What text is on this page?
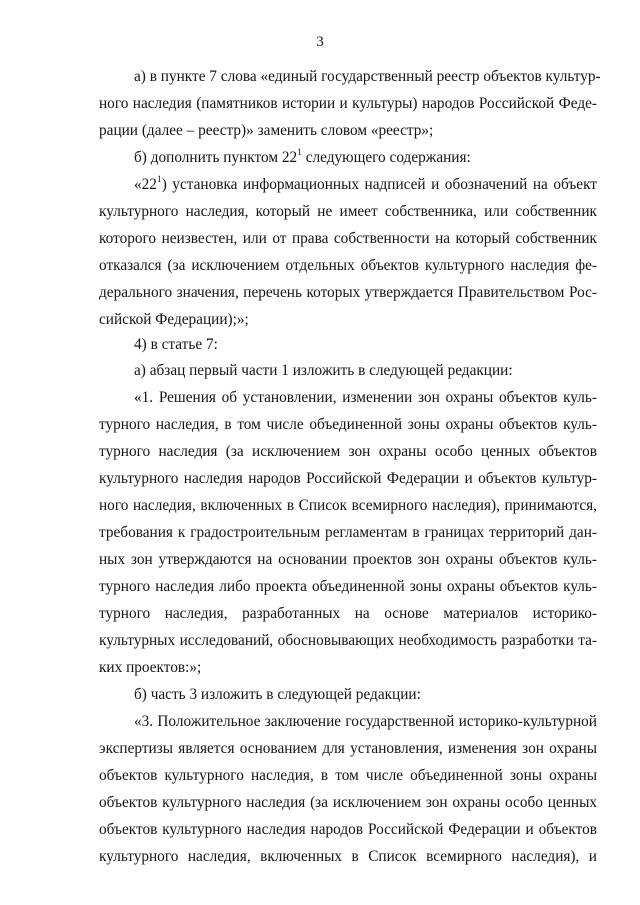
3
а) в пункте 7 слова «единый государственный реестр объектов культур-
ного наследия (памятников истории и культуры) народов Российской Феде-
рации (далее – реестр)» заменить словом «реестр»;
б) дополнить пунктом $22^1$ следующего содержания:
«$22^1$) установка информационных надписей и обозначений на объект
культурного наследия, который не имеет собственника, или собственник
которого неизвестен, или от права собственности на который собственник
отказался (за исключением отдельных объектов культурного наследия фе-
дерального значения, перечень которых утверждается Правительством Рос-
сийской Федерации);»;
4) в статье 7:
а) абзац первый части 1 изложить в следующей редакции:
«1. Решения об установлении, изменении зон охраны объектов куль-
турного наследия, в том числе объединенной зоны охраны объектов куль-
турного наследия (за исключением зон охраны особо ценных объектов
культурного наследия народов Российской Федерации и объектов культур-
ного наследия, включенных в Список всемирного наследия), принимаются,
требования к градостроительным регламентам в границах территорий дан-
ных зон утверждаются на основании проектов зон охраны объектов куль-
турного наследия либо проекта объединенной зоны охраны объектов куль-
турного наследия, разработанных на основе материалов историко-
культурных исследований, обосновывающих необходимость разработки та-
ких проектов:»;
б) часть 3 изложить в следующей редакции:
«3. Положительное заключение государственной историко-культурной
экспертизы является основанием для установления, изменения зон охраны
объектов культурного наследия, в том числе объединенной зоны охраны
объектов культурного наследия (за исключением зон охраны особо ценных
объектов культурного наследия народов Российской Федерации и объектов
культурного наследия, включенных в Список всемирного наследия), и
